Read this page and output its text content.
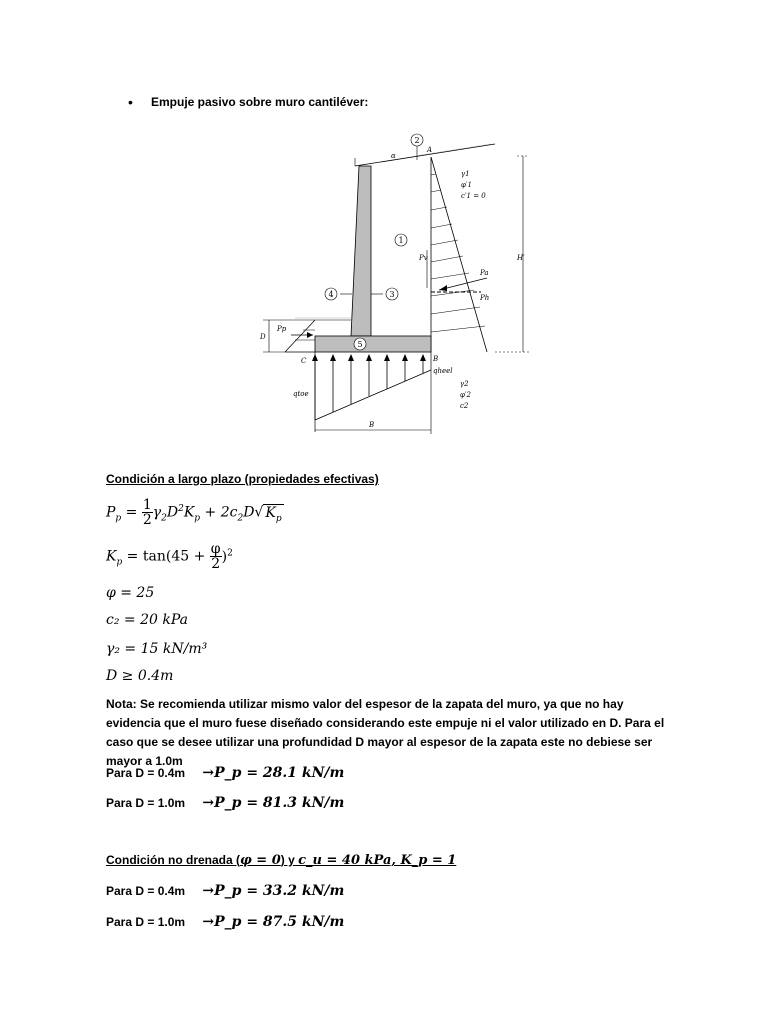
• Empuje pasivo sobre muro cantiléver:
2
1
3
4
5
α
A
B
C
D
Pp
Pv
Pa
Ph
H′
γ1
φ′1
c′1 = 0
γ2
φ′2
c2
qheel
qtoe
B
Condición a largo plazo (propiedades efectivas)
$P_p = \frac{1}{2} \gamma_2D^2K_p + 2c_2D√$ $K_p$
$K_p = \tan(45 + \frac{\varphi}{2} )^2$
φ = 25
c₂ = 20 kPa
γ₂ = 15 kN/m³
D ≥ 0.4m
Nota: Se recomienda utilizar mismo valor del espesor de la zapata del muro, ya que no hay evidencia que el muro fuese diseñado considerando este empuje ni el valor utilizado en D. Para el caso que se desee utilizar una profundidad D mayor al espesor de la zapata este no debiese ser mayor a 1.0m
Para D = 0.4m →P_p = 28.1 kN/m
Para D = 1.0m →P_p = 81.3 kN/m
Condición no drenada (φ = 0) y c_u = 40 kPa, K_p = 1
Para D = 0.4m →P_p = 33.2 kN/m
Para D = 1.0m →P_p = 87.5 kN/m
